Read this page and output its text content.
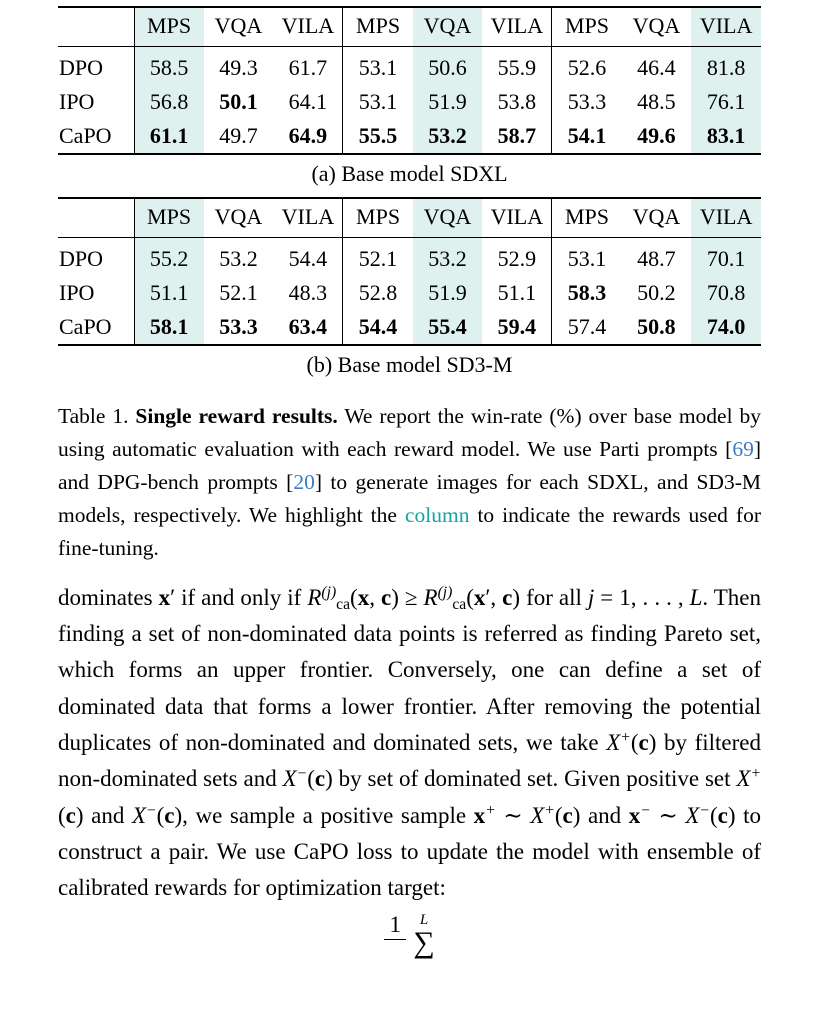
	MPS	VQA	VILA	MPS	VQA	VILA	MPS	VQA	VILA
DPO	58.5	49.3	61.7	53.1	50.6	55.9	52.6	46.4	81.8
IPO	56.8	50.1	64.1	53.1	51.9	53.8	53.3	48.5	76.1
CaPO	61.1	49.7	64.9	55.5	53.2	58.7	54.1	49.6	83.1
(a) Base model SDXL
	MPS	VQA	VILA	MPS	VQA	VILA	MPS	VQA	VILA
DPO	55.2	53.2	54.4	52.1	53.2	52.9	53.1	48.7	70.1
IPO	51.1	52.1	48.3	52.8	51.9	51.1	58.3	50.2	70.8
CaPO	58.1	53.3	63.4	54.4	55.4	59.4	57.4	50.8	74.0
(b) Base model SD3-M

Table 1. Single reward results. We report the win-rate (%) over base model by using automatic evaluation with each reward model. We use Parti prompts [69] and DPG-bench prompts [20] to generate images for each SDXL, and SD3-M models, respectively. We highlight the column to indicate the rewards used for fine-tuning.

dominates x′ if and only if $R^{(j)}ca(x$, $c) \ge R^{(j)}ca(x'$, c) for all j = 1, . . . , L. Then finding a set of non-dominated data points is referred as finding Pareto set, which forms an upper frontier. Conversely, one can define a set of dominated data that forms a lower frontier. After removing the potential duplicates of non-dominated and dominated sets, we take X+(c) by filtered non-dominated sets and X−(c) by set of dominated set. Given positive set X+(c) and X−(c), we sample a positive sample x+ ∼ X+(c) and x− ∼ X−(c) to construct a pair. We use CaPO loss to update the model with ensemble of calibrated rewards for optimization target:

1 L
∑
